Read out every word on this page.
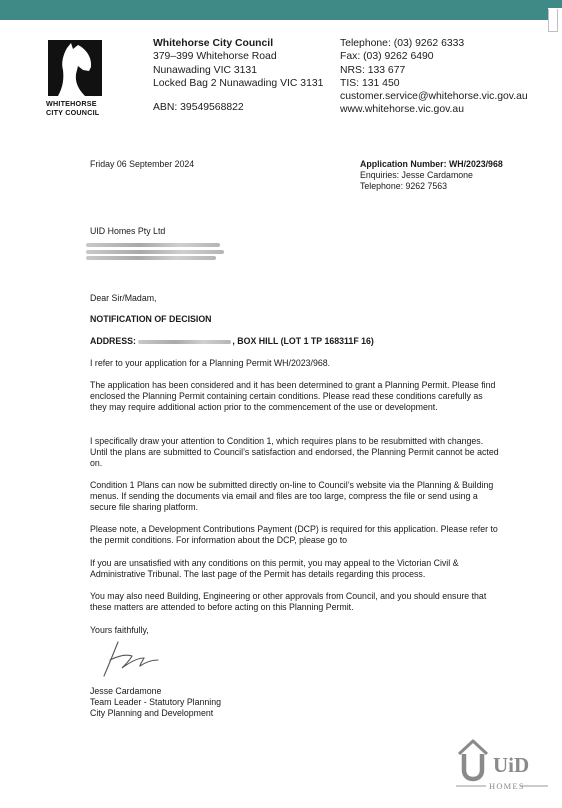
WHITEHORSE
CITY COUNCIL
Whitehorse City Council
379–399 Whitehorse Road
Nunawading VIC 3131
Locked Bag 2 Nunawading VIC 3131
ABN: 39549568822
Telephone: (03) 9262 6333
Fax: (03) 9262 6490
NRS: 133 677
TIS: 131 450
customer.service@whitehorse.vic.gov.au
www.whitehorse.vic.gov.au
Friday 06 September 2024	Application Number: WH/2023/968
Enquiries: Jesse Cardamone
Telephone: 9262 7563
UID Homes Pty Ltd
Dear Sir/Madam,
NOTIFICATION OF DECISION
ADDRESS:	, BOX HILL (LOT 1 TP 168311F 16)
I refer to your application for a Planning Permit WH/2023/968.
The application has been considered and it has been determined to grant a Planning Permit. Please find enclosed the Planning Permit containing certain conditions. Please read these conditions carefully as they may require additional action prior to the commencement of the use or development.
I specifically draw your attention to Condition 1, which requires plans to be resubmitted with changes. Until the plans are submitted to Council’s satisfaction and endorsed, the Planning Permit cannot be acted on.
Condition 1 Plans can now be submitted directly on-line to Council’s website via the Planning & Building menus. If sending the documents via email and files are too large, compress the file or send using a secure file sharing platform.
Please note, a Development Contributions Payment (DCP) is required for this application. Please refer to the permit conditions. For information about the DCP, please go to
If you are unsatisfied with any conditions on this permit, you may appeal to the Victorian Civil & Administrative Tribunal. The last page of the Permit has details regarding this process.
You may also need Building, Engineering or other approvals from Council, and you should ensure that these matters are attended to before acting on this Planning Permit.
Yours faithfully,
Jesse Cardamone
Team Leader - Statutory Planning
City Planning and Development
UiD
HOMES
